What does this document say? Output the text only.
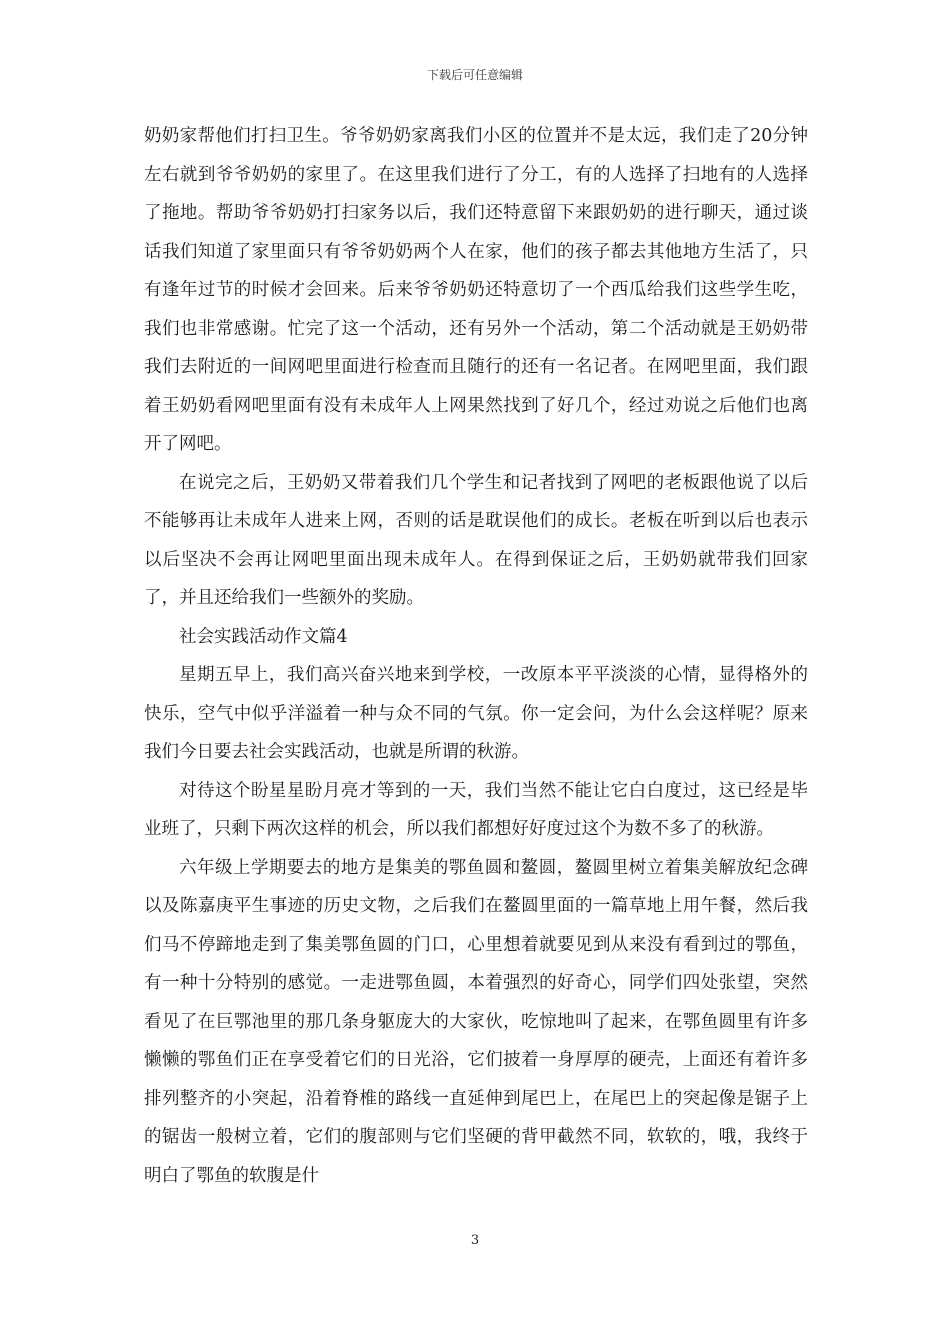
下载后可任意编辑

奶奶家帮他们打扫卫生。爷爷奶奶家离我们小区的位置并不是太远，我们走了20分钟左右就到爷爷奶奶的家里了。在这里我们进行了分工，有的人选择了扫地有的人选择了拖地。帮助爷爷奶奶打扫家务以后，我们还特意留下来跟奶奶的进行聊天，通过谈话我们知道了家里面只有爷爷奶奶两个人在家，他们的孩子都去其他地方生活了，只有逢年过节的时候才会回来。后来爷爷奶奶还特意切了一个西瓜给我们这些学生吃，我们也非常感谢。忙完了这一个活动，还有另外一个活动，第二个活动就是王奶奶带我们去附近的一间网吧里面进行检查而且随行的还有一名记者。在网吧里面，我们跟着王奶奶看网吧里面有没有未成年人上网果然找到了好几个，经过劝说之后他们也离开了网吧。

在说完之后，王奶奶又带着我们几个学生和记者找到了网吧的老板跟他说了以后不能够再让未成年人进来上网，否则的话是耽误他们的成长。老板在听到以后也表示以后坚决不会再让网吧里面出现未成年人。在得到保证之后，王奶奶就带我们回家了，并且还给我们一些额外的奖励。

社会实践活动作文篇4

星期五早上，我们高兴奋兴地来到学校，一改原本平平淡淡的心情，显得格外的快乐，空气中似乎洋溢着一种与众不同的气氛。你一定会问，为什么会这样呢？原来我们今日要去社会实践活动，也就是所谓的秋游。

对待这个盼星星盼月亮才等到的一天，我们当然不能让它白白度过，这已经是毕业班了，只剩下两次这样的机会，所以我们都想好好度过这个为数不多了的秋游。

六年级上学期要去的地方是集美的鄂鱼圆和鳌圆，鳌圆里树立着集美解放纪念碑以及陈嘉庚平生事迹的历史文物，之后我们在鳌圆里面的一篇草地上用午餐，然后我们马不停蹄地走到了集美鄂鱼圆的门口，心里想着就要见到从来没有看到过的鄂鱼，有一种十分特别的感觉。一走进鄂鱼圆，本着强烈的好奇心，同学们四处张望，突然看见了在巨鄂池里的那几条身躯庞大的大家伙，吃惊地叫了起来，在鄂鱼圆里有许多懒懒的鄂鱼们正在享受着它们的日光浴，它们披着一身厚厚的硬壳，上面还有着许多排列整齐的小突起，沿着脊椎的路线一直延伸到尾巴上，在尾巴上的突起像是锯子上的锯齿一般树立着，它们的腹部则与它们坚硬的背甲截然不同，软软的，哦，我终于明白了鄂鱼的软腹是什

3
